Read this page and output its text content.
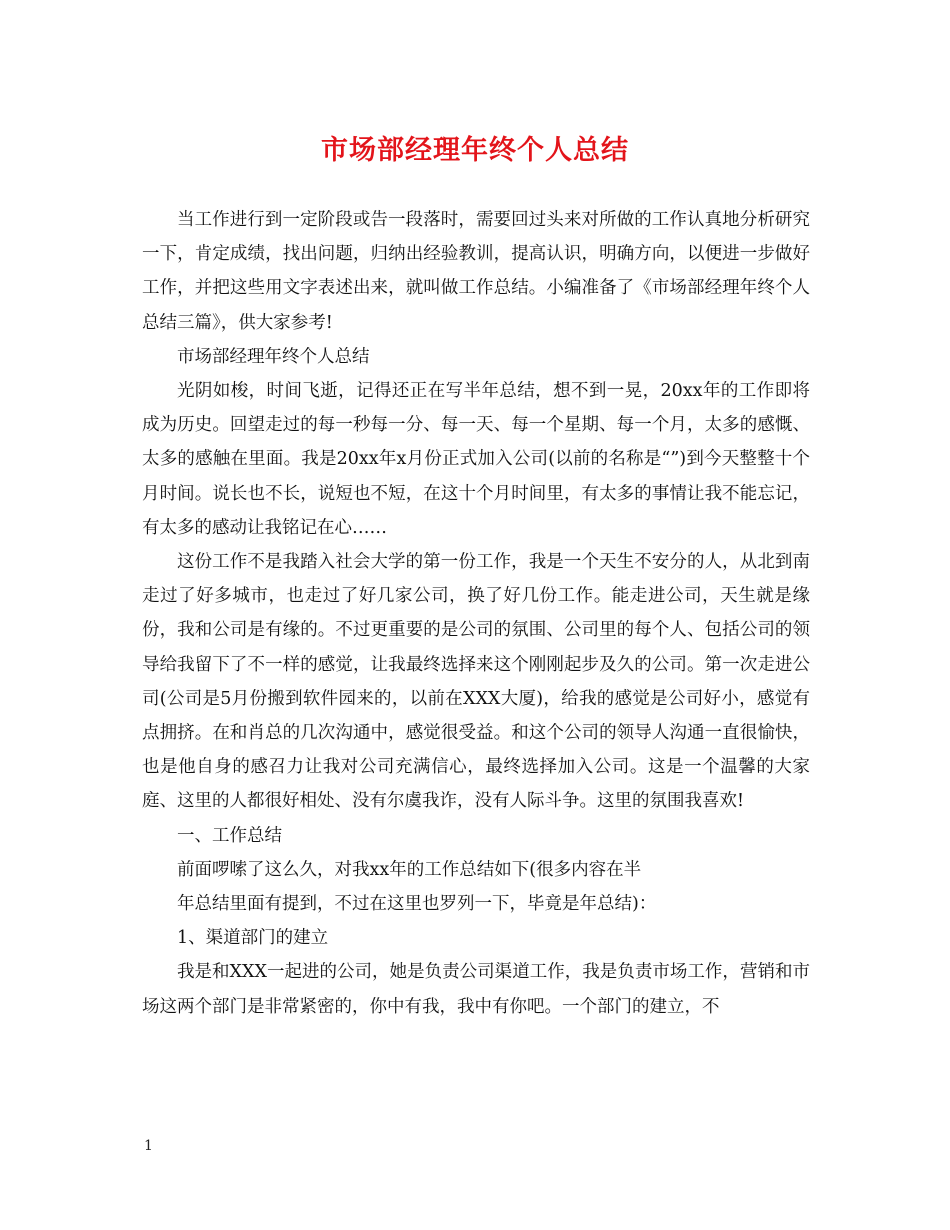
市场部经理年终个人总结

当工作进行到一定阶段或告一段落时，需要回过头来对所做的工作认真地分析研究一下，肯定成绩，找出问题，归纳出经验教训，提高认识，明确方向，以便进一步做好工作，并把这些用文字表述出来，就叫做工作总结。小编准备了《市场部经理年终个人总结三篇》，供大家参考!

市场部经理年终个人总结

光阴如梭，时间飞逝，记得还正在写半年总结，想不到一晃，20xx年的工作即将成为历史。回望走过的每一秒每一分、每一天、每一个星期、每一个月，太多的感慨、太多的感触在里面。我是20xx年x月份正式加入公司(以前的名称是“”)到今天整整十个月时间。说长也不长，说短也不短，在这十个月时间里，有太多的事情让我不能忘记，有太多的感动让我铭记在心……

这份工作不是我踏入社会大学的第一份工作，我是一个天生不安分的人，从北到南走过了好多城市，也走过了好几家公司，换了好几份工作。能走进公司，天生就是缘份，我和公司是有缘的。不过更重要的是公司的氛围、公司里的每个人、包括公司的领导给我留下了不一样的感觉，让我最终选择来这个刚刚起步及久的公司。第一次走进公司(公司是5月份搬到软件园来的，以前在XXX大厦)，给我的感觉是公司好小，感觉有点拥挤。在和肖总的几次沟通中，感觉很受益。和这个公司的领导人沟通一直很愉快，也是他自身的感召力让我对公司充满信心，最终选择加入公司。这是一个温馨的大家庭、这里的人都很好相处、没有尔虞我诈，没有人际斗争。这里的氛围我喜欢!

一、工作总结

前面啰嗦了这么久，对我xx年的工作总结如下(很多内容在半

年总结里面有提到，不过在这里也罗列一下，毕竟是年总结)：

1、渠道部门的建立

我是和XXX一起进的公司，她是负责公司渠道工作，我是负责市场工作，营销和市场这两个部门是非常紧密的，你中有我，我中有你吧。一个部门的建立，不

1
